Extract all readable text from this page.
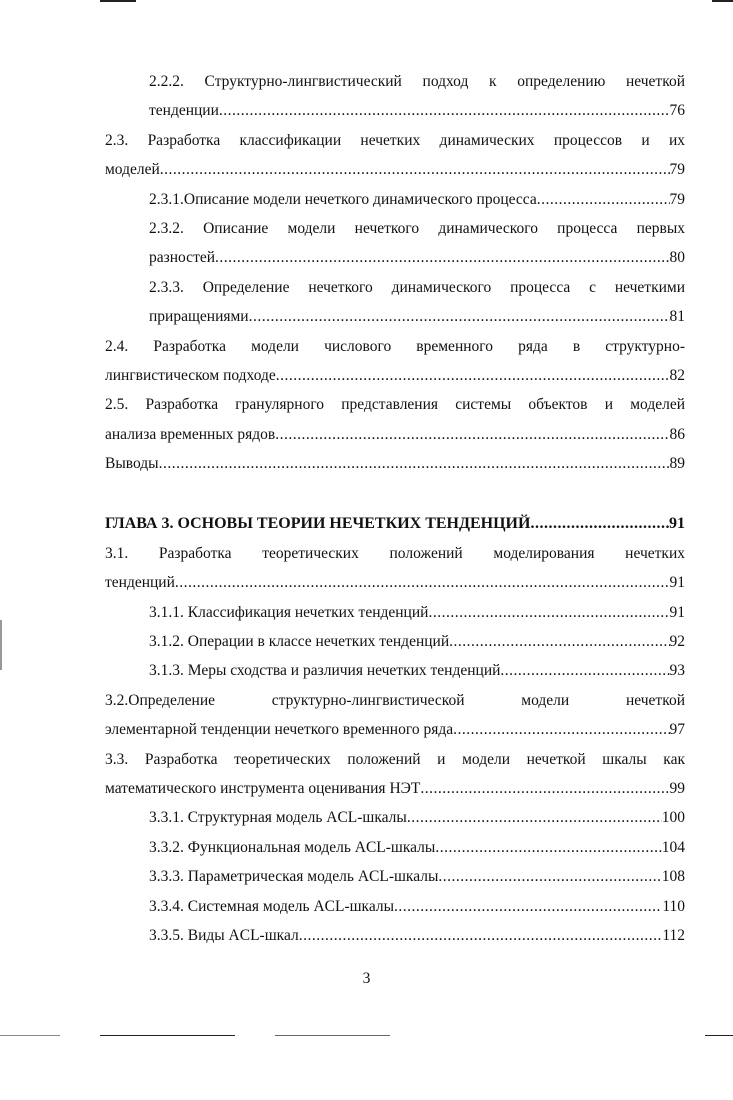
2.2.2. Структурно-лингвистический подход к определению нечеткой
тенденции .....	76
2.3. Разработка классификации нечетких динамических процессов и их
моделей .....	79
2.3.1.Описание модели нечеткого динамического процесса .....	79
2.3.2. Описание модели нечеткого динамического процесса первых
разностей .....	80
2.3.3. Определение нечеткого динамического процесса с нечеткими
приращениями .....	81
2.4. Разработка модели числового временного ряда в структурно-
лингвистическом подходе .....	82
2.5. Разработка гранулярного представления системы объектов и моделей
анализа временных рядов .....	86
Выводы .....	89
ГЛАВА 3. ОСНОВЫ ТЕОРИИ НЕЧЕТКИХ ТЕНДЕНЦИЙ .....	91
3.1. Разработка теоретических положений моделирования нечетких
тенденций .....	91
3.1.1. Классификация нечетких тенденций .....	91
3.1.2. Операции в классе нечетких тенденций .....	92
3.1.3. Меры сходства и различия нечетких тенденций .....	93
3.2.Определение структурно-лингвистической модели нечеткой
элементарной тенденции нечеткого временного ряда .....	97
3.3. Разработка теоретических положений и модели нечеткой шкалы как
математического инструмента оценивания НЭТ .....	99
3.3.1. Структурная модель ACL-шкалы .....	100
3.3.2. Функциональная модель ACL-шкалы .....	104
3.3.3. Параметрическая модель ACL-шкалы .....	108
3.3.4. Системная модель ACL-шкалы .....	110
3.3.5. Виды ACL-шкал .....	112
3
